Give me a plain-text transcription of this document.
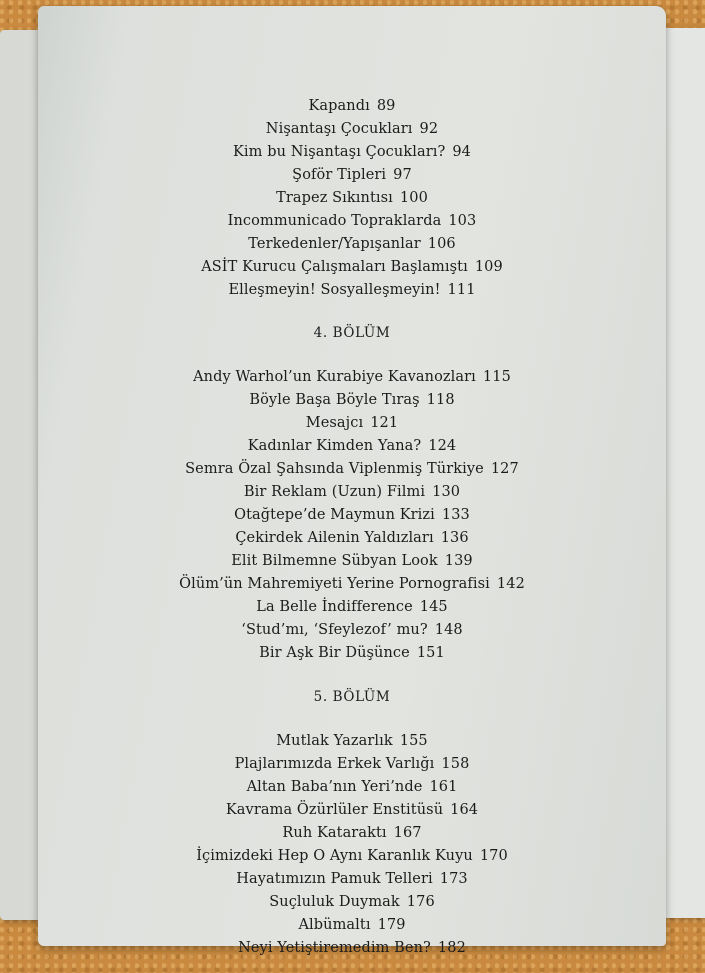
Kapandı 89
Nişantaşı Çocukları 92
Kim bu Nişantaşı Çocukları? 94
Şoför Tipleri 97
Trapez Sıkıntısı 100
Incommunicado Topraklarda 103
Terkedenler/Yapışanlar 106
ASİT Kurucu Çalışmaları Başlamıştı 109
Elleşmeyin! Sosyalleşmeyin! 111
4. BÖLÜM
Andy Warhol’un Kurabiye Kavanozları 115
Böyle Başa Böyle Tıraş 118
Mesajcı 121
Kadınlar Kimden Yana? 124
Semra Özal Şahsında Viplenmiş Türkiye 127
Bir Reklam (Uzun) Filmi 130
Otağtepe’de Maymun Krizi 133
Çekirdek Ailenin Yaldızları 136
Elit Bilmemne Sübyan Look 139
Ölüm’ün Mahremiyeti Yerine Pornografisi 142
La Belle İndifference 145
‘Stud’mı, ‘Sfeylezof’ mu? 148
Bir Aşk Bir Düşünce 151
5. BÖLÜM
Mutlak Yazarlık 155
Plajlarımızda Erkek Varlığı 158
Altan Baba’nın Yeri’nde 161
Kavrama Özürlüler Enstitüsü 164
Ruh Kataraktı 167
İçimizdeki Hep O Aynı Karanlık Kuyu 170
Hayatımızın Pamuk Telleri 173
Suçluluk Duymak 176
Albümaltı 179
Neyi Yetiştiremedim Ben? 182
